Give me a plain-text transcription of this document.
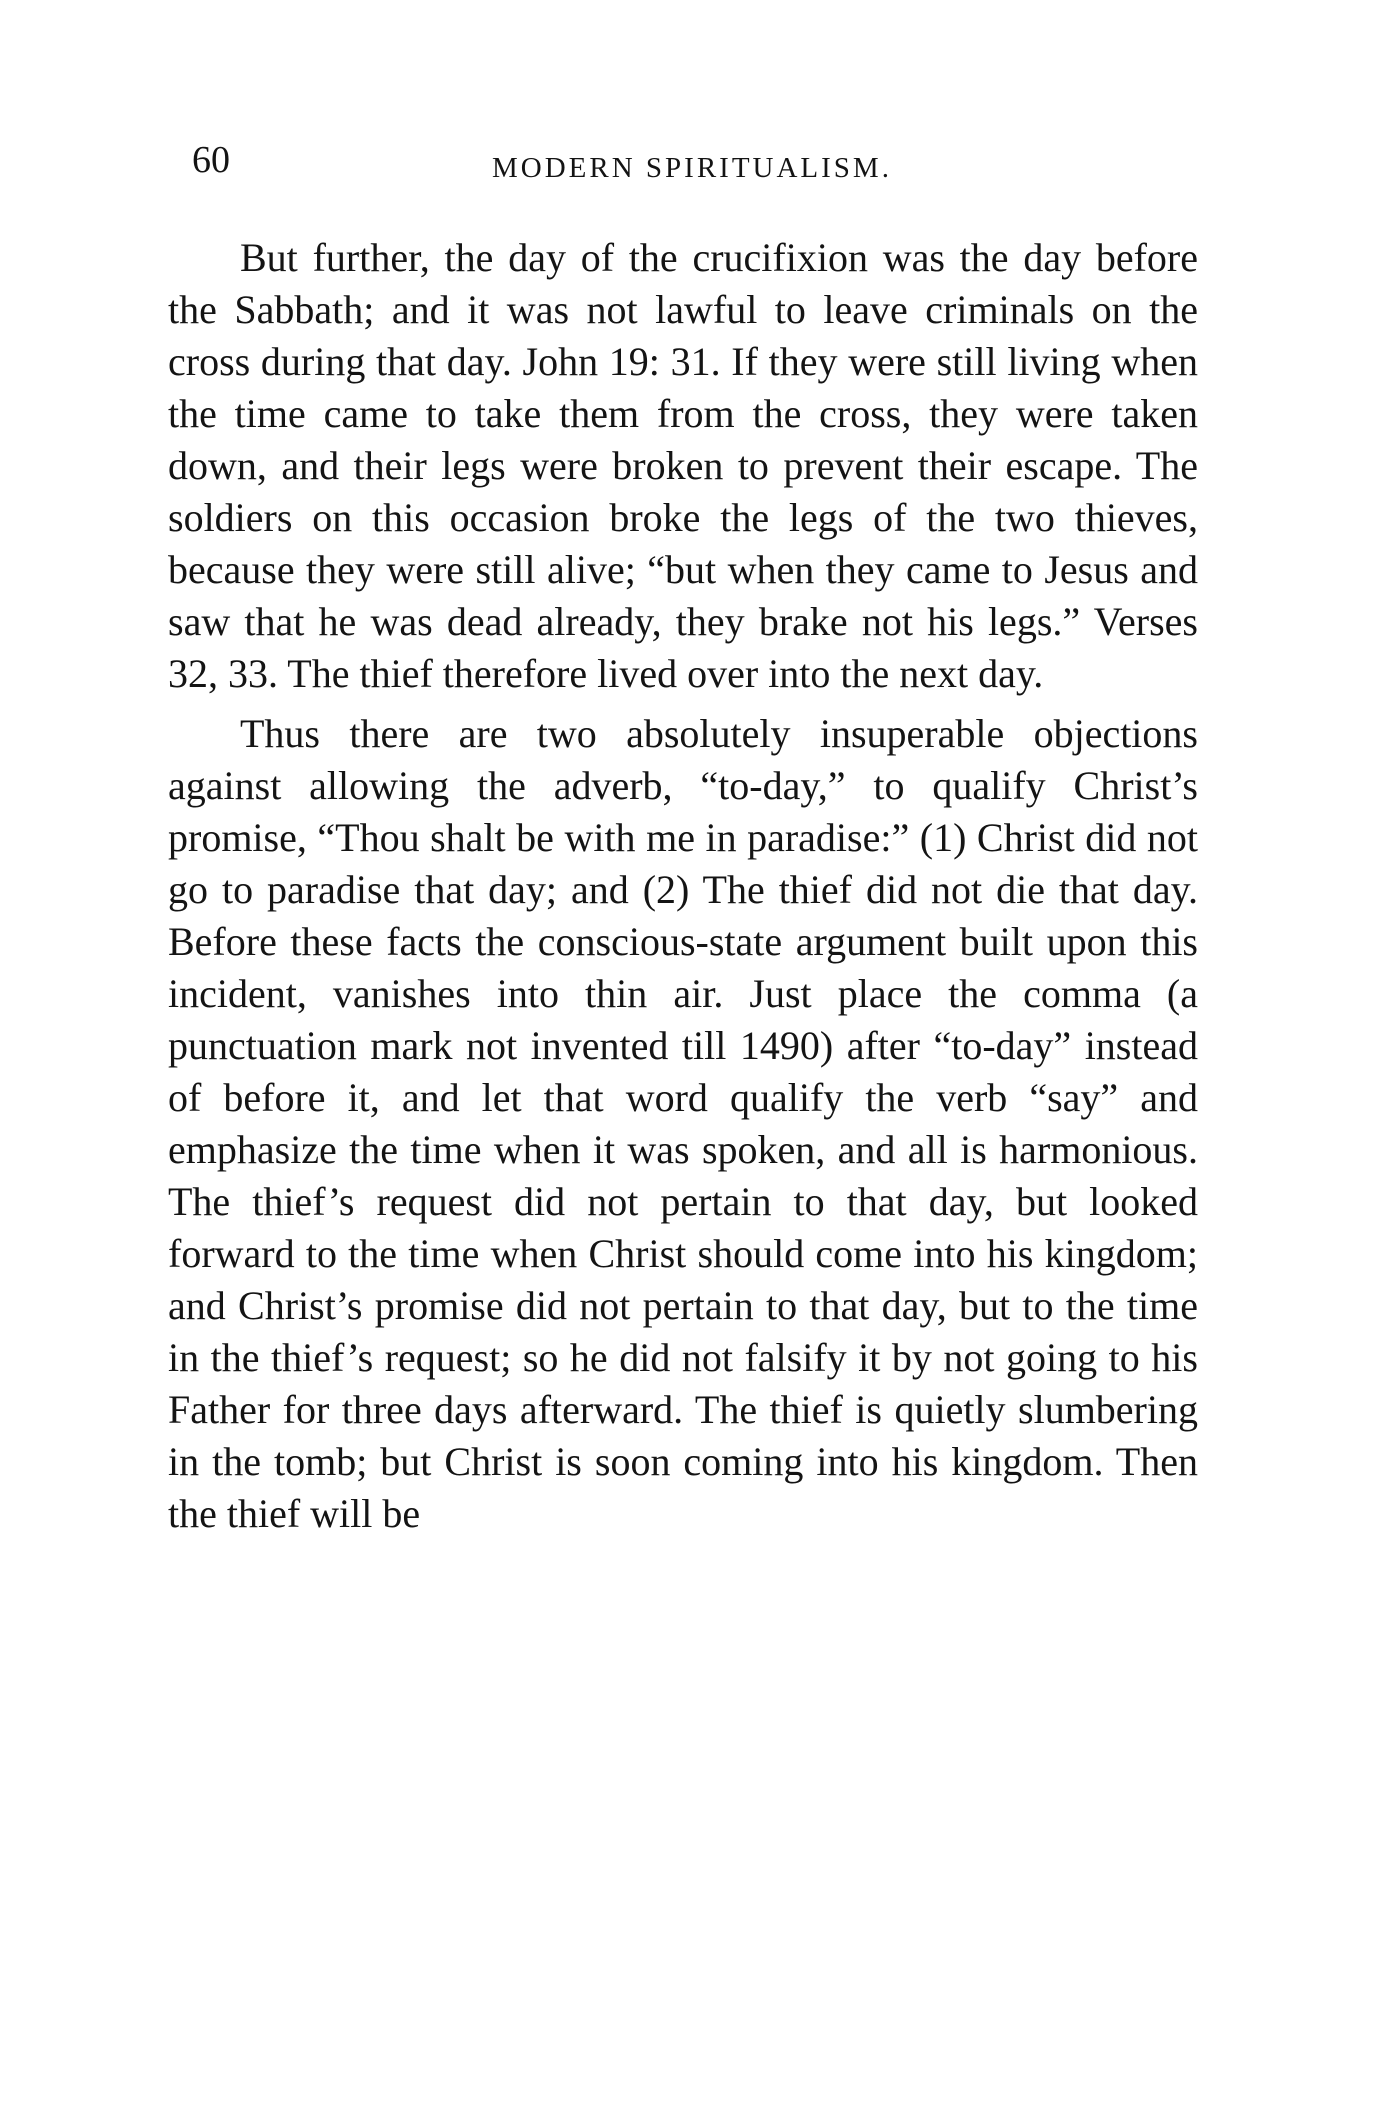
60	MODERN SPIRITUALISM.

But further, the day of the crucifixion was the day before the Sabbath; and it was not lawful to leave criminals on the cross during that day. John 19: 31. If they were still living when the time came to take them from the cross, they were taken down, and their legs were broken to prevent their escape. The soldiers on this occasion broke the legs of the two thieves, because they were still alive; “but when they came to Jesus and saw that he was dead already, they brake not his legs.” Verses 32, 33. The thief therefore lived over into the next day.

Thus there are two absolutely insuperable objections against allowing the adverb, “to-day,” to qualify Christ’s promise, “Thou shalt be with me in paradise:” (1) Christ did not go to paradise that day; and (2) The thief did not die that day. Before these facts the conscious-state argument built upon this incident, vanishes into thin air. Just place the comma (a punctuation mark not invented till 1490) after “to-day” instead of before it, and let that word qualify the verb “say” and emphasize the time when it was spoken, and all is harmonious. The thief’s request did not pertain to that day, but looked forward to the time when Christ should come into his kingdom; and Christ’s promise did not pertain to that day, but to the time in the thief’s request; so he did not falsify it by not going to his Father for three days afterward. The thief is quietly slumbering in the tomb; but Christ is soon coming into his kingdom. Then the thief will be
